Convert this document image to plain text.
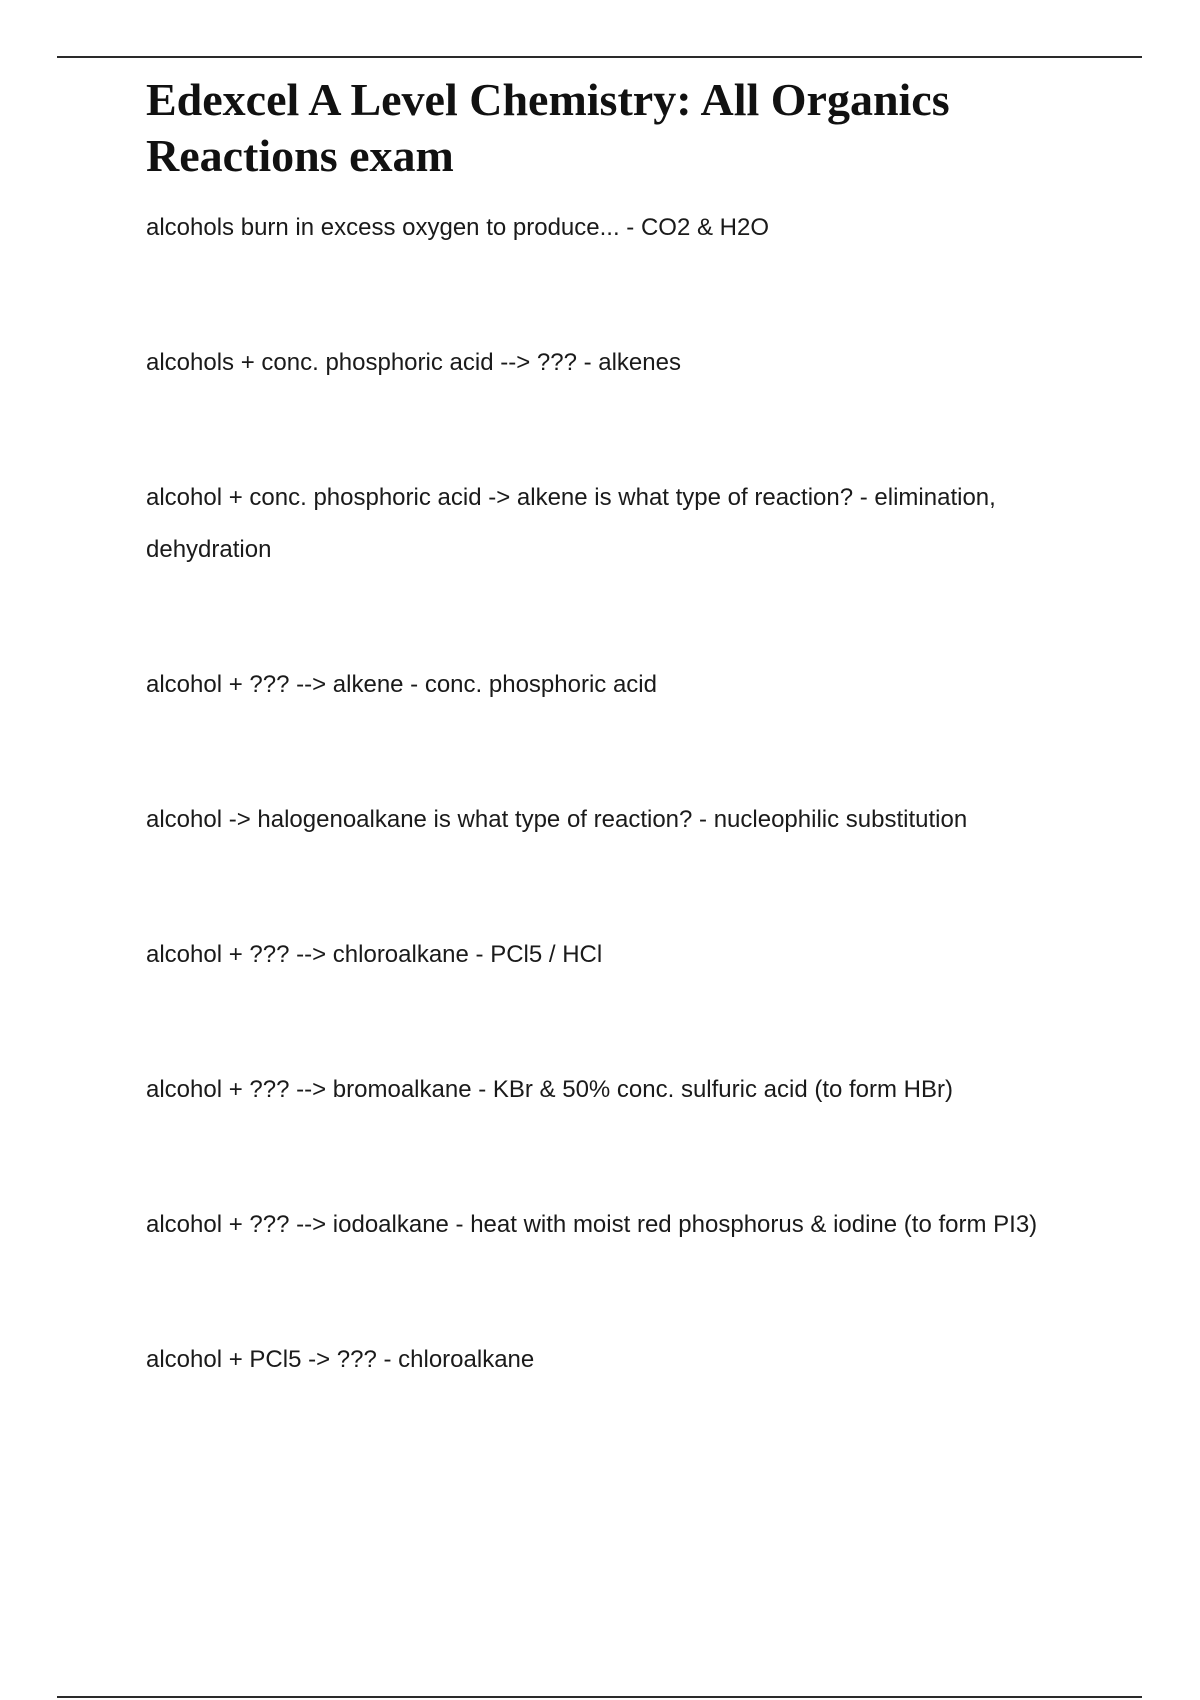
Edexcel A Level Chemistry: All Organics Reactions exam
alcohols burn in excess oxygen to produce... - CO2 & H2O
alcohols + conc. phosphoric acid --> ??? - alkenes
alcohol + conc. phosphoric acid -> alkene is what type of reaction? - elimination, dehydration
alcohol + ??? --> alkene - conc. phosphoric acid
alcohol -> halogenoalkane is what type of reaction? - nucleophilic substitution
alcohol + ??? --> chloroalkane - PCl5 / HCl
alcohol + ??? --> bromoalkane - KBr & 50% conc. sulfuric acid (to form HBr)
alcohol + ??? --> iodoalkane - heat with moist red phosphorus & iodine (to form PI3)
alcohol + PCl5 -> ??? - chloroalkane
